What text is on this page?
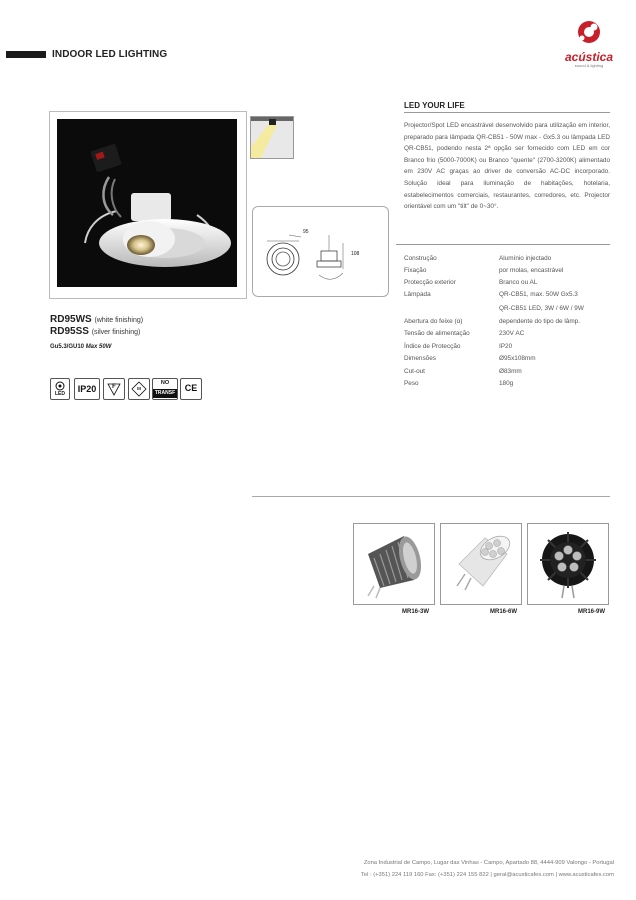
INDOOR LED LIGHTING	acústica
sound & lighting
RD95WS (white finishing)
RD95SS (silver finishing)
Gu5.3/GU10 Max 50W
LED	IP20	F	III
NO
TRANSF	CE
95
108
LED YOUR LIFE
Projector/Spot LED encastrável desenvolvido para utilização em interior, preparado para lâmpada QR-CB51 - 50W max - Gx5.3 ou lâmpada LED QR-CB51, podendo nesta 2ª opção ser fornecido com LED em cor Branco frio (5000-7000K) ou Branco "quente" (2700-3200K) alimentado em 230V AC graças ao driver de conversão AC-DC incorporado. Solução ideal para iluminação de habitações, hotelaria, estabelecimentos comerciais, restaurantes, corredores, etc. Projector orientável com um "tilt" de 0~30°.
Construção	Alumínio injectado
Fixação	por molas, encastrável
Protecção exterior	Branco ou AL
Lâmpada	QR-CB51, max. 50W Gx5.3
QR-CB51 LED, 3W / 6W / 9W
Abertura do feixe (α)	dependente do tipo de lâmp.
Tensão de alimentação	230V AC
Índice de Protecção	IP20
Dimensões	Ø95x108mm
Cut-out	Ø83mm
Peso	180g
MR16-3W	MR16-6W	MR16-9W
Zona Industrial de Campo, Lugar das Vinhas - Campo, Apartado 88, 4444-909 Valongo - Portugal
Tel : (+351) 224 119 160 Fax: (+351) 224 155 822 | geral@acusticafes.com | www.acusticafes.com
